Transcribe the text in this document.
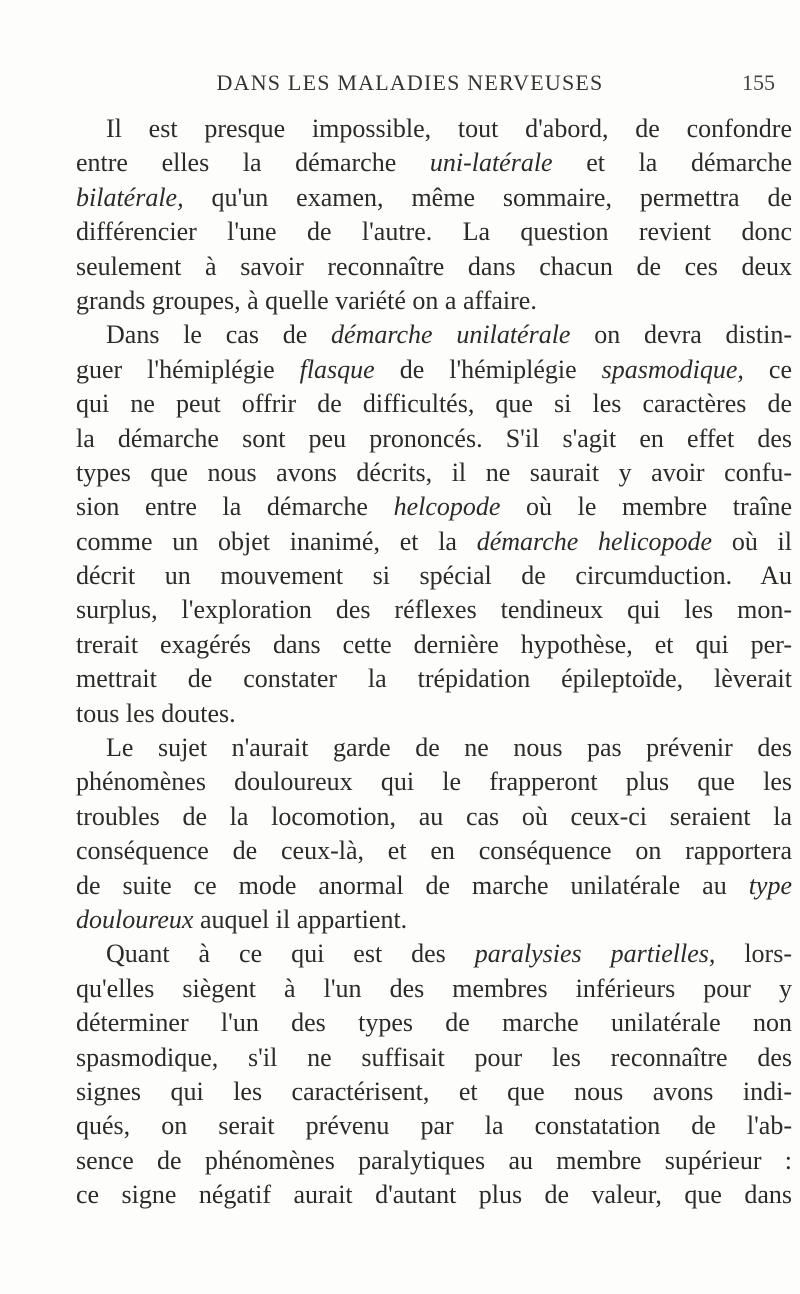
DANS LES MALADIES NERVEUSES	155
Il est presque impossible, tout d'abord, de confondre
entre elles la démarche uni-latérale et la démarche
bilatérale, qu'un examen, même sommaire, permettra de
différencier l'une de l'autre. La question revient donc
seulement à savoir reconnaître dans chacun de ces deux
grands groupes, à quelle variété on a affaire.
Dans le cas de démarche unilatérale on devra distin-
guer l'hémiplégie flasque de l'hémiplégie spasmodique, ce
qui ne peut offrir de difficultés, que si les caractères de
la démarche sont peu prononcés. S'il s'agit en effet des
types que nous avons décrits, il ne saurait y avoir confu-
sion entre la démarche helcopode où le membre traîne
comme un objet inanimé, et la démarche helicopode où il
décrit un mouvement si spécial de circumduction. Au
surplus, l'exploration des réflexes tendineux qui les mon-
trerait exagérés dans cette dernière hypothèse, et qui per-
mettrait de constater la trépidation épileptoïde, lèverait
tous les doutes.
Le sujet n'aurait garde de ne nous pas prévenir des
phénomènes douloureux qui le frapperont plus que les
troubles de la locomotion, au cas où ceux-ci seraient la
conséquence de ceux-là, et en conséquence on rapportera
de suite ce mode anormal de marche unilatérale au type
douloureux auquel il appartient.
Quant à ce qui est des paralysies partielles, lors-
qu'elles siègent à l'un des membres inférieurs pour y
déterminer l'un des types de marche unilatérale non
spasmodique, s'il ne suffisait pour les reconnaître des
signes qui les caractérisent, et que nous avons indi-
qués, on serait prévenu par la constatation de l'ab-
sence de phénomènes paralytiques au membre supérieur :
ce signe négatif aurait d'autant plus de valeur, que dans
